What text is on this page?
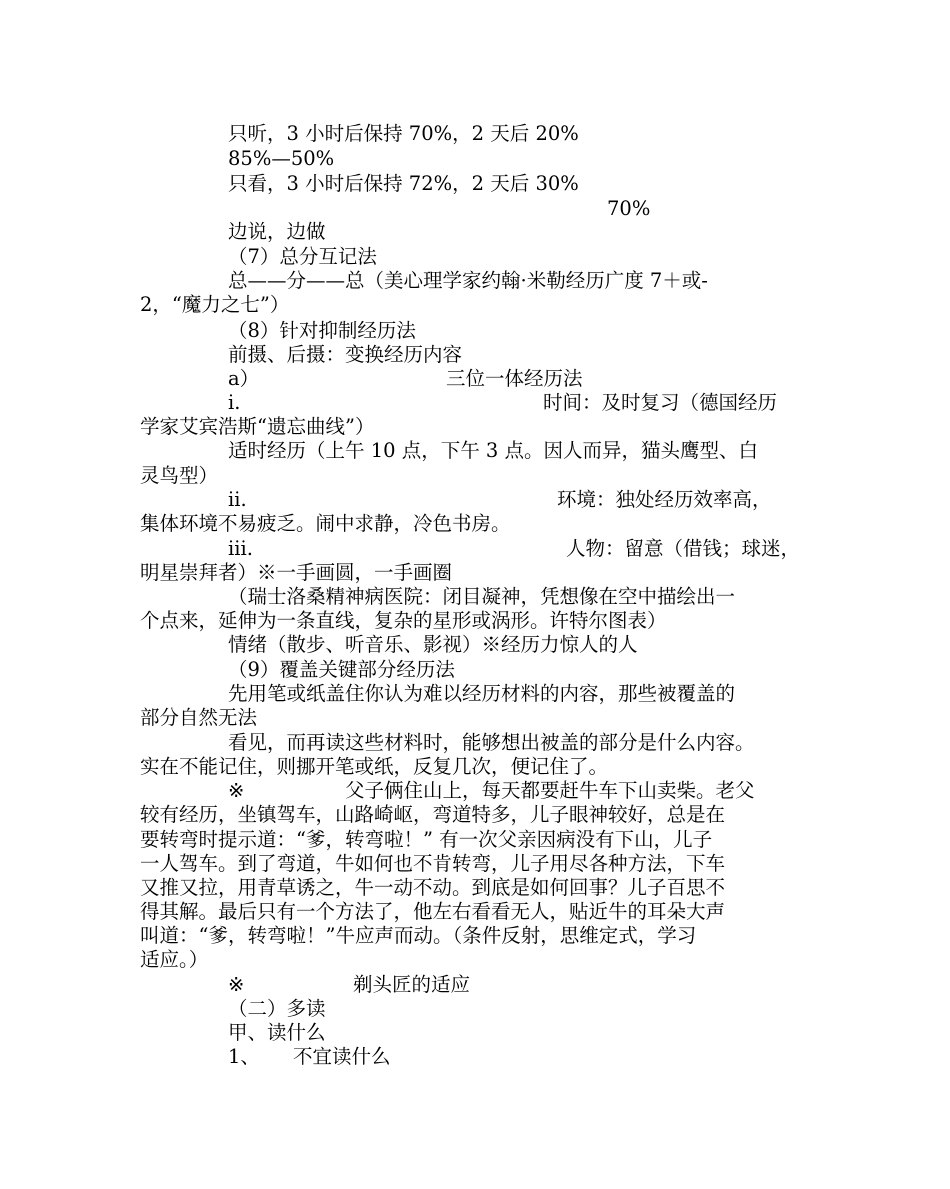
只听，3 小时后保持 70%，2 天后 20%
85%—50%
只看，3 小时后保持 72%，2 天后 30%
70%
边说，边做
（7）总分互记法
总——分——总（美心理学家约翰·米勒经历广度 7＋或-
2，“魔力之七”）
（8）针对抑制经历法
前摄、后摄：变换经历内容
a）	三位一体经历法
i.	时间：及时复习（德国经历
学家艾宾浩斯“遗忘曲线”）
适时经历（上午 10 点，下午 3 点。因人而异，猫头鹰型、白
灵鸟型）
ii.	环境：独处经历效率高，
集体环境不易疲乏。闹中求静，冷色书房。
iii.	人物：留意（借钱；球迷，
明星崇拜者）※一手画圆，一手画圈
（瑞士洛桑精神病医院：闭目凝神，凭想像在空中描绘出一
个点来，延伸为一条直线，复杂的星形或涡形。许特尔图表）
情绪（散步、听音乐、影视）※经历力惊人的人
（9）覆盖关键部分经历法
先用笔或纸盖住你认为难以经历材料的内容，那些被覆盖的
部分自然无法
看见，而再读这些材料时，能够想出被盖的部分是什么内容。
实在不能记住，则挪开笔或纸，反复几次，便记住了。
※	父子俩住山上，每天都要赶牛车下山卖柴。老父
较有经历，坐镇驾车，山路崎岖，弯道特多，儿子眼神较好，总是在
要转弯时提示道：“爹，转弯啦！” 有一次父亲因病没有下山，儿子
一人驾车。到了弯道，牛如何也不肯转弯，儿子用尽各种方法，下车
又推又拉，用青草诱之，牛一动不动。到底是如何回事？儿子百思不
得其解。最后只有一个方法了，他左右看看无人，贴近牛的耳朵大声
叫道：“爹，转弯啦！”牛应声而动。（条件反射，思维定式，学习
适应。）
※	剃头匠的适应
（二）多读
甲、读什么
1、 不宜读什么
